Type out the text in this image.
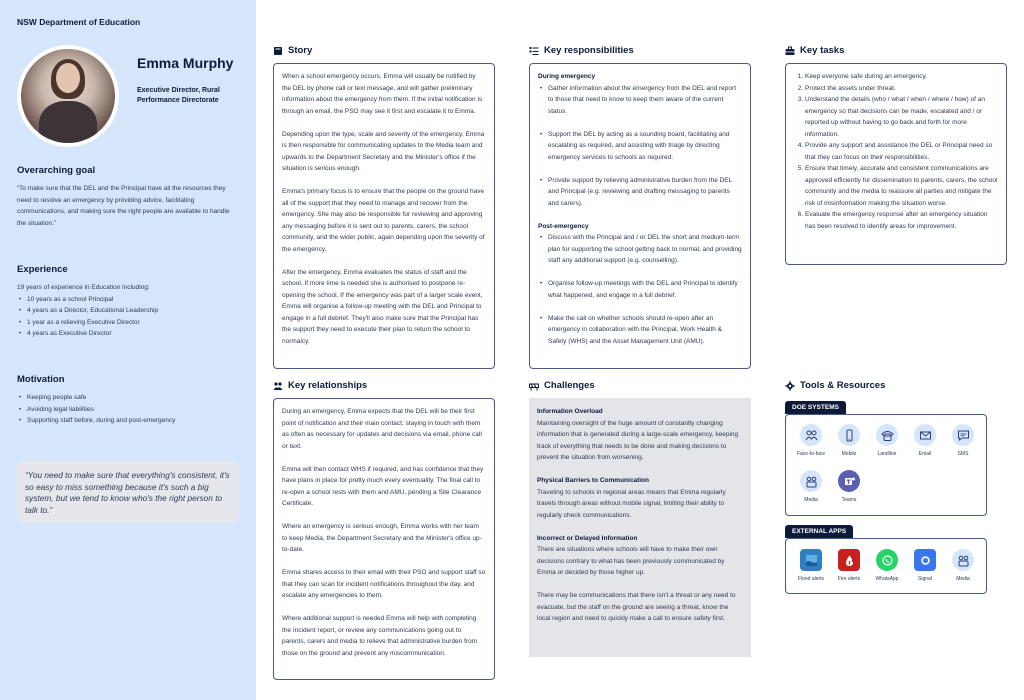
NSW Department of Education
Emma Murphy
Executive Director, Rural Performance Directorate
Overarching goal
“To make sure that the DEL and the Principal have all the resources they need to resolve an emergency by providing advice, facilitating communications, and making sure the right people are available to handle the situation.”
Experience
19 years of experience in Education including:
• 10 years as a school Principal
• 4 years as a Director, Educational Leadership
• 1 year as a relieving Executive Director
• 4 years as Executive Director
Motivation
• Keeping people safe
• Avoiding legal liabilities
• Supporting staff before, during and post-emergency
“You need to make sure that everything's consistent, it's so easy to miss something because it's such a big system, but we tend to know who's the right person to talk to.”
Story

When a school emergency occurs, Emma will usually be notified by the DEL by phone call or text message, and will gather preliminary information about the emergency from them. If the initial notification is through an email, the PSO may see it first and escalate it to Emma.

Depending upon the type, scale and severity of the emergency, Emma is then responsible for communicating updates to the Media team and upwards to the Department Secretary and the Minister's office if the situation is serious enough.

Emma's primary focus is to ensure that the people on the ground have all of the support that they need to manage and recover from the emergency. She may also be responsible for reviewing and approving any messaging before it is sent out to parents, carers, the school community, and the wider public, again depending upon the severity of the emergency.

After the emergency, Emma evaluates the status of staff and the school. If more time is needed she is authorised to postpone re-opening the school. If the emergency was part of a larger scale event, Emma will organise a follow-up meeting with the DEL and Principal to engage in a full debrief. They'll also make sure that the Principal has the support they need to execute their plan to return the school to normalcy.

Key relationships

During an emergency, Emma expects that the DEL will be their first point of notification and their main contact, staying in touch with them as often as necessary for updates and decisions via email, phone call or text.

Emma will then contact WHS if required, and has confidence that they have plans in place for pretty much every eventuality. The final call to re-open a school rests with them and AMU, pending a Site Clearance Certificate.

Where an emergency is serious enough, Emma works with her team to keep Media, the Department Secretary and the Minister's office up-to-date.

Emma shares access to their email with their PSO and support staff so that they can scan for incident notifications throughout the day, and escalate any emergencies to them.

Where additional support is needed Emma will help with completing the Incident report, or review any communications going out to parents, carers and media to relieve that administrative burden from those on the ground and prevent any miscommunication.

Key responsibilities
During emergency
• Gather information about the emergency from the DEL and report to those that need to know to keep them aware of the current status.
• Support the DEL by acting as a sounding board, facilitating and escalating as required, and assisting with triage by directing emergency services to schools as required.
• Provide support by relieving administrative burden from the DEL and Principal (e.g. reviewing and drafting messaging to parents and carers).
Post-emergency
• Discuss with the Principal and / or DEL the short and medium-term plan for supporting the school getting back to normal, and providing staff any additional support (e.g. counselling).
• Organise follow-up meetings with the DEL and Principal to identify what happened, and engage in a full debrief.
• Make the call on whether schools should re-open after an emergency in collaboration with the Principal, Work Health & Safety (WHS) and the Asset Management Unit (AMU).
Challenges
Information Overload
Maintaining oversight of the huge amount of constantly changing information that is generated during a large-scale emergency, keeping track of everything that needs to be done and making decisions to prevent the situation from worsening.
Physical Barriers to Communication
Traveling to schools in regional areas means that Emma regularly travels through areas without mobile signal, limiting their ability to regularly check communications.
Incorrect or Delayed Information
There are situations where schools will have to make their own decisions contrary to what has been previously communicated by Emma or decided by those higher up.
There may be communications that there isn't a threat or any need to evacuate, but the staff on the ground are seeing a threat, know the local region and need to quickly make a call to ensure safety first.
Key tasks
1. Keep everyone safe during an emergency.
2. Protect the assets under threat.
3. Understand the details (who / what / when / where / how) of an emergency so that decisions can be made, escalated and / or reported up without having to go back and forth for more information.
4. Provide any support and assistance the DEL or Principal need so that they can focus on their responsibilities.
5. Ensure that timely, accurate and consistent communications are approved efficiently for dissemination to parents, carers, the school community and the media to reassure all parties and mitigate the risk of misinformation making the situation worse.
6. Evaluate the emergency response after an emergency situation has been resolved to identify areas for improvement.
Tools & Resources
DOE SYSTEMS
Face-to-face	Mobile	Landline	Email	SMS
Media	Teams
EXTERNAL APPS
Flood alerts	Fire alerts	WhatsApp	Signal	Media
